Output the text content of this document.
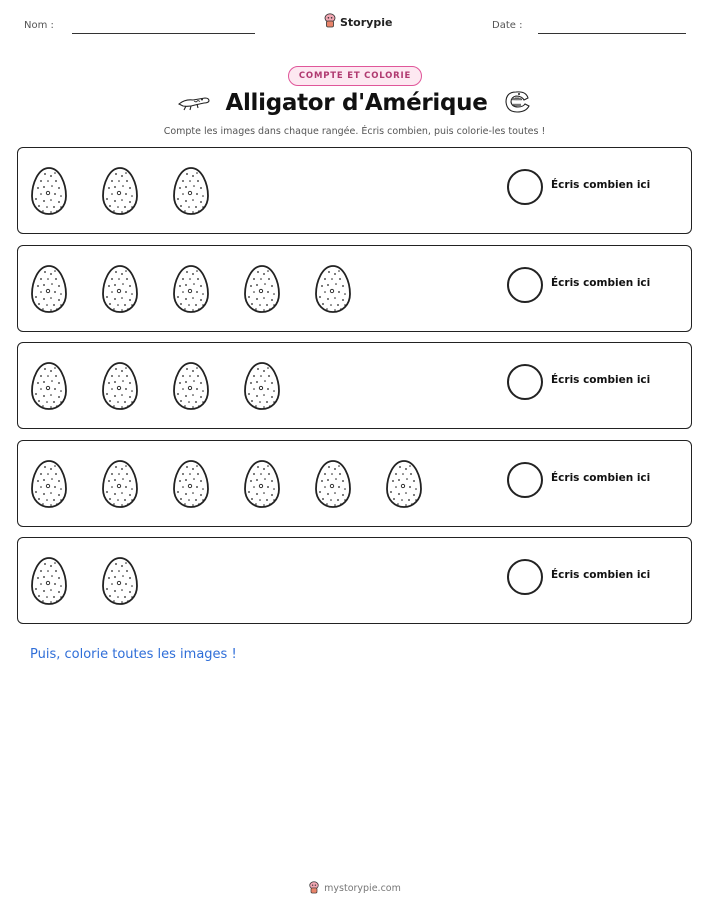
Nom :	Storypie	Date :
COMPTE ET COLORIE
Alligator d'Amérique
Compte les images dans chaque rangée. Écris combien, puis colorie-les toutes !
Écris combien ici
Écris combien ici
Écris combien ici
Écris combien ici
Écris combien ici
Puis, colorie toutes les images !
mystorypie.com
